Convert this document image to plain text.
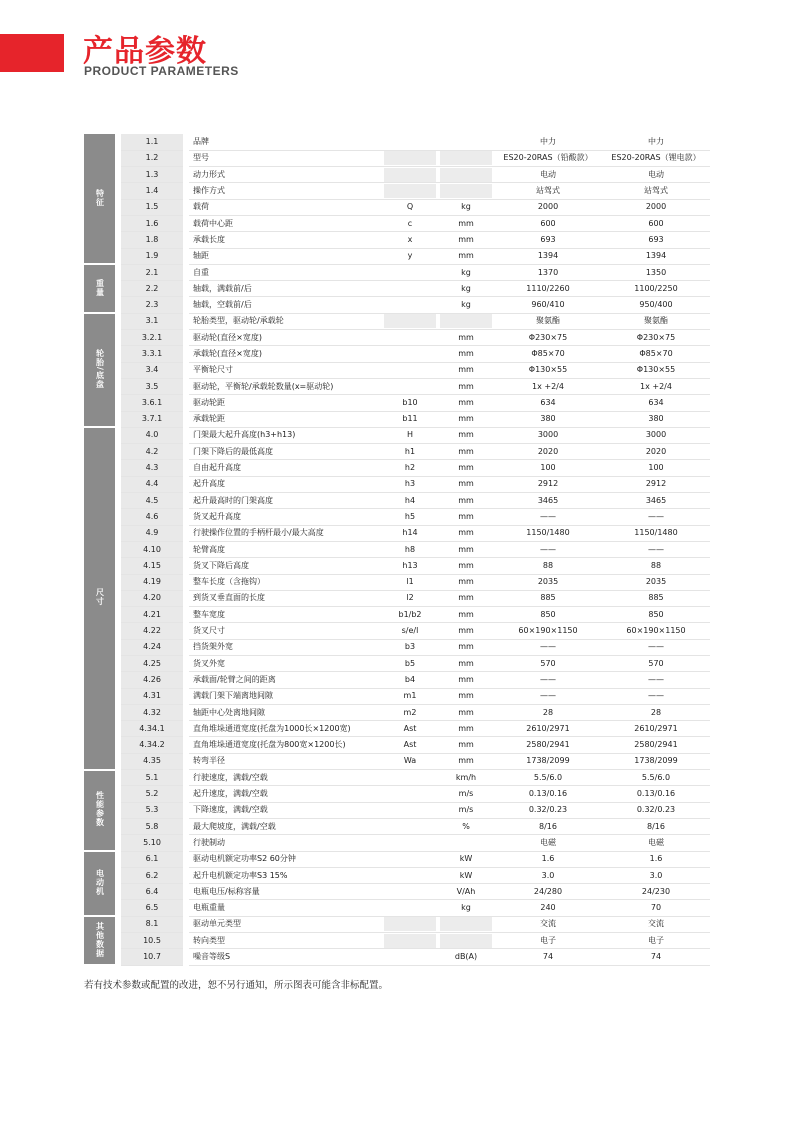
产品参数
PRODUCT PARAMETERS
特征	1.1	品牌			中力	中力
	1.2	型号			ES20-20RAS（铅酸款）	ES20-20RAS（锂电款）
	1.3	动力形式			电动	电动
	1.4	操作方式			站驾式	站驾式
	1.5	载荷	Q	kg	2000	2000
	1.6	载荷中心距	c	mm	600	600
	1.8	承载长度	x	mm	693	693
	1.9	轴距	y	mm	1394	1394
重量	2.1	自重		kg	1370	1350
	2.2	轴载，满载前/后		kg	1110/2260	1100/2250
	2.3	轴载，空载前/后		kg	960/410	950/400
轮胎/底盘	3.1	轮胎类型，驱动轮/承载轮			聚氨酯	聚氨酯
	3.2.1	驱动轮(直径×宽度)		mm	Φ230×75	Φ230×75
	3.3.1	承载轮(直径×宽度)		mm	Φ85×70	Φ85×70
	3.4	平衡轮尺寸		mm	Φ130×55	Φ130×55
	3.5	驱动轮，平衡轮/承载轮数量(x=驱动轮)		mm	1x +2/4	1x +2/4
	3.6.1	驱动轮距	b10	mm	634	634
	3.7.1	承载轮距	b11	mm	380	380
尺寸	4.0	门架最大起升高度(h3+h13)	H	mm	3000	3000
	4.2	门架下降后的最低高度	h1	mm	2020	2020
	4.3	自由起升高度	h2	mm	100	100
	4.4	起升高度	h3	mm	2912	2912
	4.5	起升最高时的门架高度	h4	mm	3465	3465
	4.6	货叉起升高度	h5	mm	——	——
	4.9	行驶操作位置的手柄杆最小/最大高度	h14	mm	1150/1480	1150/1480
	4.10	轮臂高度	h8	mm	——	——
	4.15	货叉下降后高度	h13	mm	88	88
	4.19	整车长度（含拖钩）	l1	mm	2035	2035
	4.20	到货叉垂直面的长度	l2	mm	885	885
	4.21	整车宽度	b1/b2	mm	850	850
	4.22	货叉尺寸	s/e/l	mm	60×190×1150	60×190×1150
	4.24	挡货架外宽	b3	mm	——	——
	4.25	货叉外宽	b5	mm	570	570
	4.26	承载面/轮臂之间的距离	b4	mm	——	——
	4.31	满载门架下端离地间隙	m1	mm	——	——
	4.32	轴距中心处离地间隙	m2	mm	28	28
	4.34.1	直角堆垛通道宽度(托盘为1000长×1200宽)	Ast	mm	2610/2971	2610/2971
	4.34.2	直角堆垛通道宽度(托盘为800宽×1200长)	Ast	mm	2580/2941	2580/2941
	4.35	转弯半径	Wa	mm	1738/2099	1738/2099
性能参数	5.1	行驶速度，满载/空载		km/h	5.5/6.0	5.5/6.0
	5.2	起升速度，满载/空载		m/s	0.13/0.16	0.13/0.16
	5.3	下降速度，满载/空载		m/s	0.32/0.23	0.32/0.23
	5.8	最大爬坡度，满载/空载		%	8/16	8/16
	5.10	行驶制动			电磁	电磁
电动机	6.1	驱动电机额定功率S2 60分钟		kW	1.6	1.6
	6.2	起升电机额定功率S3 15%		kW	3.0	3.0
	6.4	电瓶电压/标称容量		V/Ah	24/280	24/230
	6.5	电瓶重量		kg	240	70
其他数据	8.1	驱动单元类型			交流	交流
	10.5	转向类型			电子	电子
	10.7	噪音等级S		dB(A)	74	74
若有技术参数或配置的改进，恕不另行通知，所示图表可能含非标配置。
